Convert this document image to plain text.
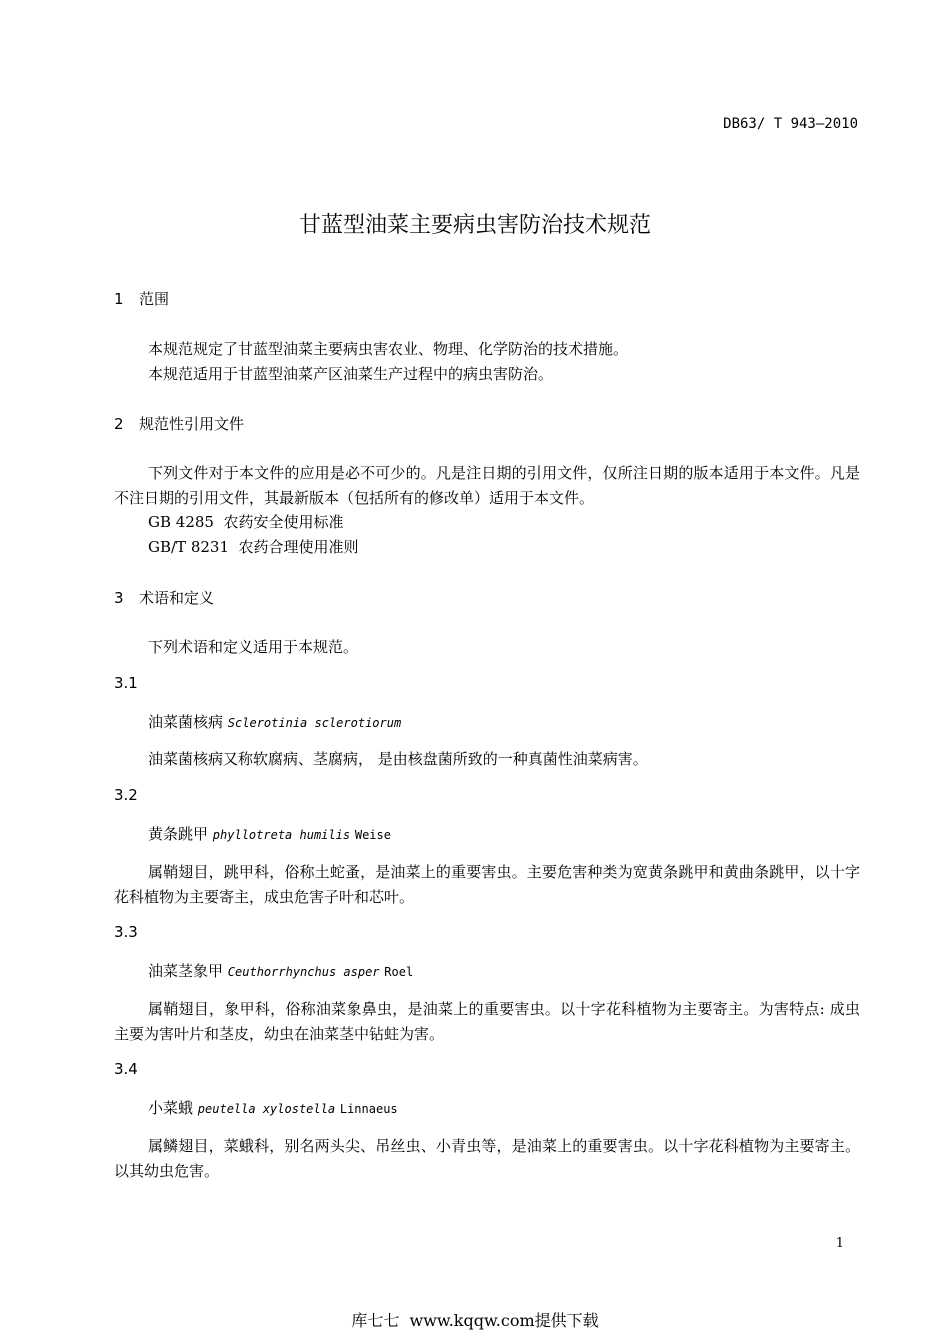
DB63/ T 943—2010
甘蓝型油菜主要病虫害防治技术规范
1 范围
本规范规定了甘蓝型油菜主要病虫害农业、物理、化学防治的技术措施。
本规范适用于甘蓝型油菜产区油菜生产过程中的病虫害防治。
2 规范性引用文件
下列文件对于本文件的应用是必不可少的。凡是注日期的引用文件，仅所注日期的版本适用于本文件。凡是不注日期的引用文件，其最新版本（包括所有的修改单）适用于本文件。
GB 4285  农药安全使用标准
GB/T 8231  农药合理使用准则
3 术语和定义
下列术语和定义适用于本规范。
3.1
油菜菌核病 Sclerotinia sclerotiorum
油菜菌核病又称软腐病、茎腐病， 是由核盘菌所致的一种真菌性油菜病害。
3.2
黄条跳甲 phyllotreta humilis Weise
属鞘翅目，跳甲科，俗称土蛇蚤，是油菜上的重要害虫。主要危害种类为宽黄条跳甲和黄曲条跳甲，以十字花科植物为主要寄主，成虫危害子叶和芯叶。
3.3
油菜茎象甲 Ceuthorrhynchus asper Roel
属鞘翅目，象甲科，俗称油菜象鼻虫，是油菜上的重要害虫。以十字花科植物为主要寄主。为害特点: 成虫主要为害叶片和茎皮，幼虫在油菜茎中钻蛀为害。
3.4
小菜蛾 peutella xylostella Linnaeus
属鳞翅目，菜蛾科，别名两头尖、吊丝虫、小青虫等，是油菜上的重要害虫。以十字花科植物为主要寄主。以其幼虫危害。
1
库七七  www.kqqw.com提供下载
